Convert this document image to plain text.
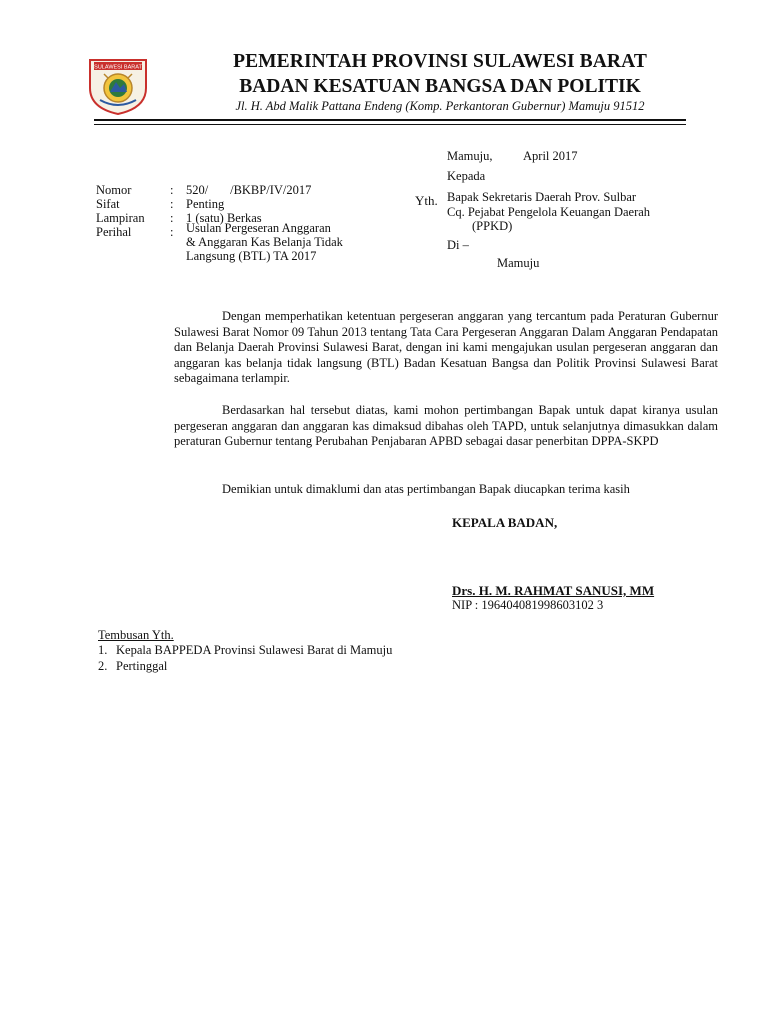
SULAWESI BARAT	PEMERINTAH PROVINSI SULAWESI BARAT
BADAN KESATUAN BANGSA DAN POLITIK
Jl. H. Abd Malik Pattana Endeng (Komp. Perkantoran Gubernur) Mamuju 91512
Mamuju, April 2017
Kepada
Yth. Bapak Sekretaris Daerah Prov. Sulbar
Cq. Pejabat Pengelola Keuangan Daerah
(PPKD)
Di –
Mamuju
Nomor	: 520/       /BKBP/IV/2017
Sifat	: Penting
Lampiran : 1 (satu) Berkas
Perihal	: Usulan Pergeseran Anggaran
& Anggaran Kas Belanja Tidak
Langsung (BTL) TA 2017
Dengan memperhatikan ketentuan pergeseran anggaran yang tercantum pada Peraturan Gubernur Sulawesi Barat Nomor 09 Tahun 2013 tentang Tata Cara Pergeseran Anggaran Dalam Anggaran Pendapatan dan Belanja Daerah Provinsi Sulawesi Barat, dengan ini kami mengajukan usulan pergeseran anggaran dan anggaran kas belanja tidak langsung (BTL) Badan Kesatuan Bangsa dan Politik Provinsi Sulawesi Barat sebagaimana terlampir.
Berdasarkan hal tersebut diatas, kami mohon pertimbangan Bapak untuk dapat kiranya usulan pergeseran anggaran dan anggaran kas dimaksud dibahas oleh TAPD, untuk selanjutnya dimasukkan dalam peraturan Gubernur tentang Perubahan Penjabaran APBD sebagai dasar penerbitan DPPA-SKPD
Demikian untuk dimaklumi dan atas pertimbangan Bapak diucapkan terima kasih
KEPALA BADAN,
Drs. H. M. RAHMAT SANUSI, MM
NIP : 196404081998603102 3
Tembusan Yth.
1. Kepala BAPPEDA Provinsi Sulawesi Barat di Mamuju
2. Pertinggal
